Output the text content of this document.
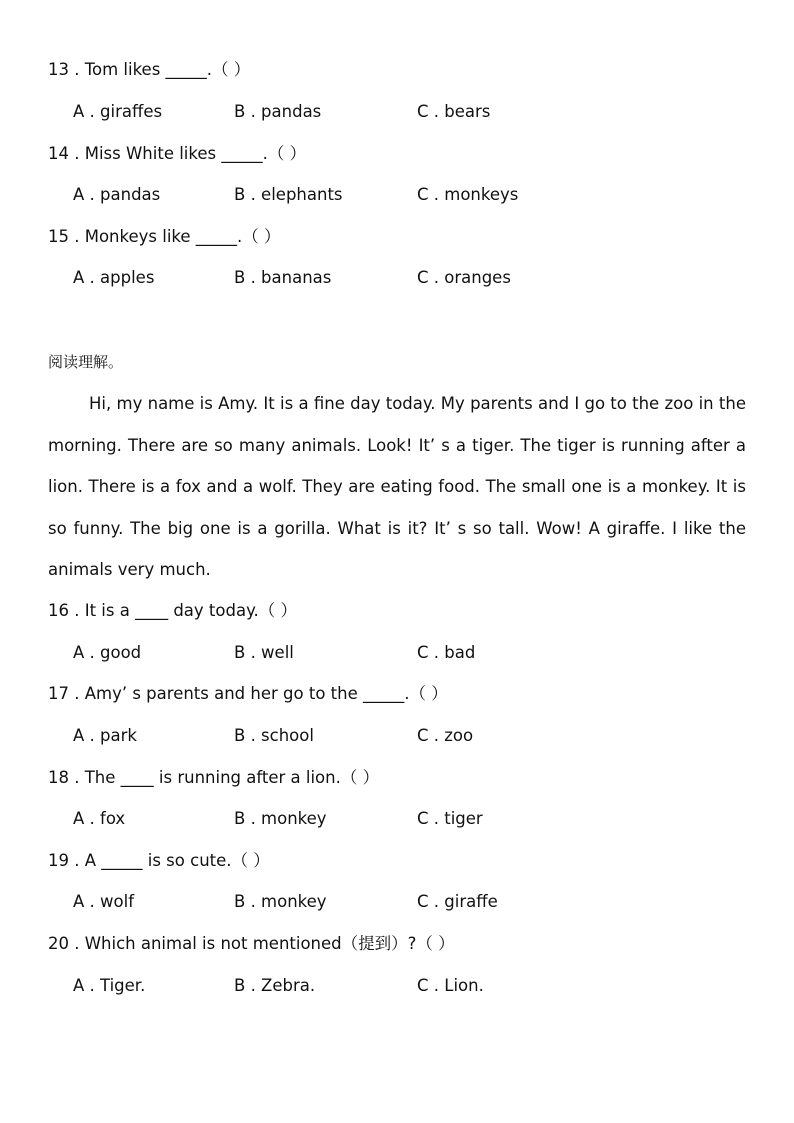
13 . Tom likes _____.（ ）
A . giraffes	B . pandas	C . bears
14 . Miss White likes _____.（ ）
A . pandas	B . elephants	C . monkeys
15 . Monkeys like _____.（ ）
A . apples	B . bananas	C . oranges
阅读理解。

Hi, my name is Amy. It is a fine day today. My parents and I go to the zoo in the morning. There are so many animals. Look! It’ s a tiger. The tiger is running after a lion. There is a fox and a wolf. They are eating food. The small one is a monkey. It is so funny. The big one is a gorilla. What is it? It’ s so tall. Wow! A giraffe. I like the animals very much.

16 . It is a ____ day today.（ ）
A . good	B . well	C . bad
17 . Amy’ s parents and her go to the _____.（ ）
A . park	B . school	C . zoo
18 . The ____ is running after a lion.（ ）
A . fox	B . monkey	C . tiger
19 . A _____ is so cute.（ ）
A . wolf	B . monkey	C . giraffe
20 . Which animal is not mentioned（提到）?（ ）
A . Tiger.	B . Zebra.	C . Lion.
